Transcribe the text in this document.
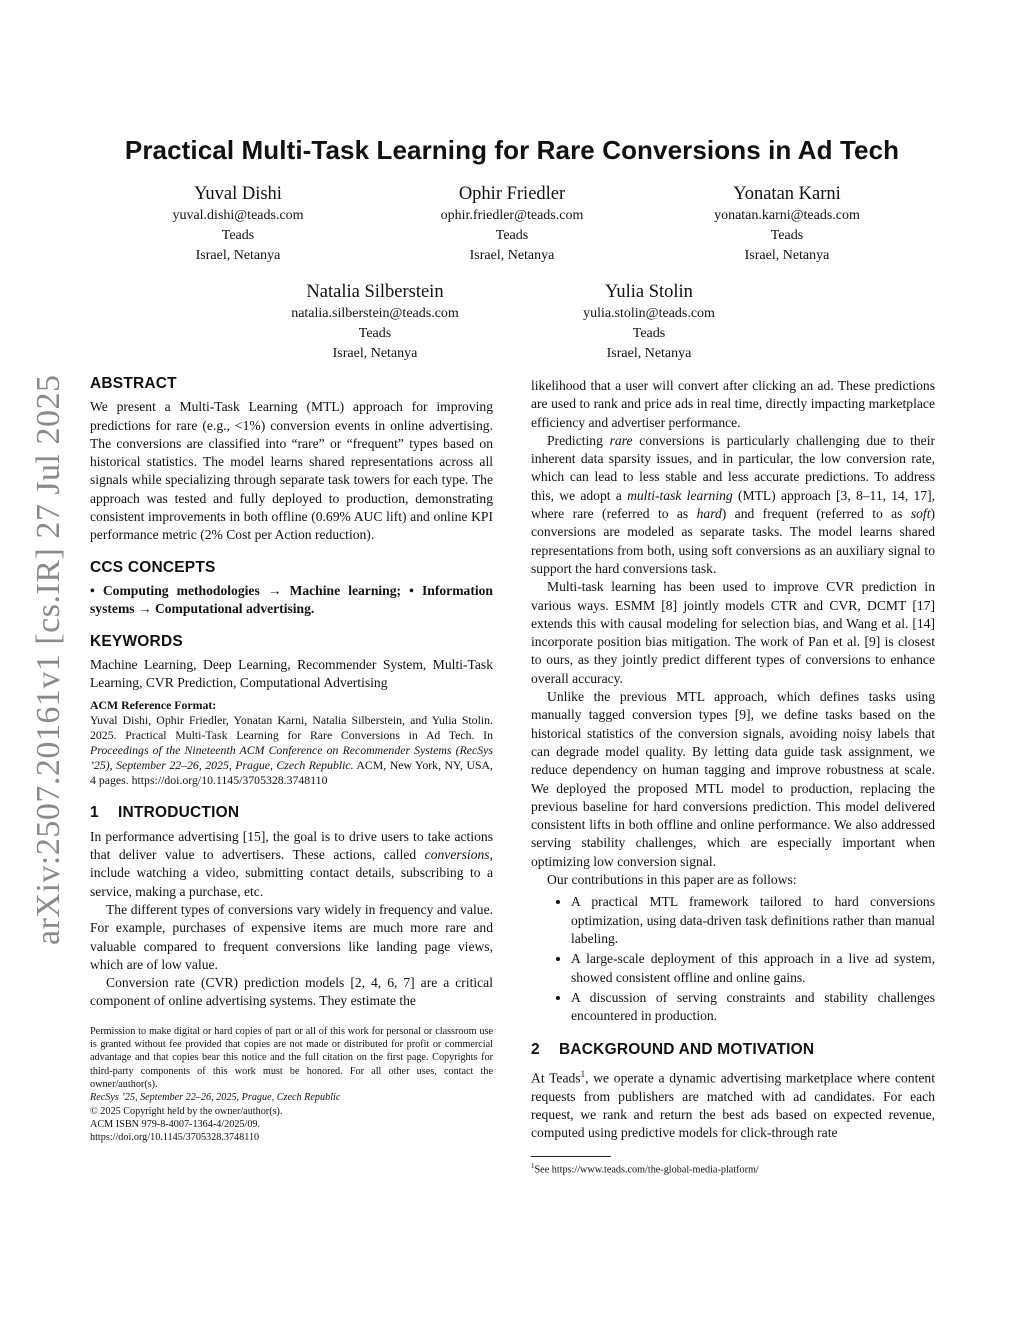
Practical Multi-Task Learning for Rare Conversions in Ad Tech
Yuval Dishi
yuval.dishi@teads.com
Teads
Israel, Netanya
Ophir Friedler
ophir.friedler@teads.com
Teads
Israel, Netanya
Yonatan Karni
yonatan.karni@teads.com
Teads
Israel, Netanya
Natalia Silberstein
natalia.silberstein@teads.com
Teads
Israel, Netanya
Yulia Stolin
yulia.stolin@teads.com
Teads
Israel, Netanya
arXiv:2507.20161v1 [cs.IR] 27 Jul 2025 ABSTRACT

We present a Multi-Task Learning (MTL) approach for improving predictions for rare (e.g., <1%) conversion events in online advertising. The conversions are classified into “rare” or “frequent” types based on historical statistics. The model learns shared representations across all signals while specializing through separate task towers for each type. The approach was tested and fully deployed to production, demonstrating consistent improvements in both offline (0.69% AUC lift) and online KPI performance metric (2% Cost per Action reduction).

CCS CONCEPTS

• Computing methodologies → Machine learning; • Information systems → Computational advertising.

KEYWORDS

Machine Learning, Deep Learning, Recommender System, Multi-Task Learning, CVR Prediction, Computational Advertising

ACM Reference Format:
Yuval Dishi, Ophir Friedler, Yonatan Karni, Natalia Silberstein, and Yulia Stolin. 2025. Practical Multi-Task Learning for Rare Conversions in Ad Tech. In Proceedings of the Nineteenth ACM Conference on Recommender Systems (RecSys ’25), September 22–26, 2025, Prague, Czech Republic. ACM, New York, NY, USA, 4 pages. https://doi.org/10.1145/3705328.3748110
1 INTRODUCTION

In performance advertising [15], the goal is to drive users to take actions that deliver value to advertisers. These actions, called conversions, include watching a video, submitting contact details, subscribing to a service, making a purchase, etc.

The different types of conversions vary widely in frequency and value. For example, purchases of expensive items are much more rare and valuable compared to frequent conversions like landing page views, which are of low value.

Conversion rate (CVR) prediction models [2, 4, 6, 7] are a critical component of online advertising systems. They estimate the

Permission to make digital or hard copies of part or all of this work for personal or classroom use is granted without fee provided that copies are not made or distributed for profit or commercial advantage and that copies bear this notice and the full citation on the first page. Copyrights for third-party components of this work must be honored. For all other uses, contact the owner/author(s).
RecSys ’25, September 22–26, 2025, Prague, Czech Republic
© 2025 Copyright held by the owner/author(s).
ACM ISBN 979-8-4007-1364-4/2025/09.
https://doi.org/10.1145/3705328.3748110

likelihood that a user will convert after clicking an ad. These predictions are used to rank and price ads in real time, directly impacting marketplace efficiency and advertiser performance.

Predicting rare conversions is particularly challenging due to their inherent data sparsity issues, and in particular, the low conversion rate, which can lead to less stable and less accurate predictions. To address this, we adopt a multi-task learning (MTL) approach [3, 8–11, 14, 17], where rare (referred to as hard) and frequent (referred to as soft) conversions are modeled as separate tasks. The model learns shared representations from both, using soft conversions as an auxiliary signal to support the hard conversions task.

Multi-task learning has been used to improve CVR prediction in various ways. ESMM [8] jointly models CTR and CVR, DCMT [17] extends this with causal modeling for selection bias, and Wang et al. [14] incorporate position bias mitigation. The work of Pan et al. [9] is closest to ours, as they jointly predict different types of conversions to enhance overall accuracy.

Unlike the previous MTL approach, which defines tasks using manually tagged conversion types [9], we define tasks based on the historical statistics of the conversion signals, avoiding noisy labels that can degrade model quality. By letting data guide task assignment, we reduce dependency on human tagging and improve robustness at scale. We deployed the proposed MTL model to production, replacing the previous baseline for hard conversions prediction. This model delivered consistent lifts in both offline and online performance. We also addressed serving stability challenges, which are especially important when optimizing low conversion signal.

Our contributions in this paper are as follows:

• A practical MTL framework tailored to hard conversions optimization, using data-driven task definitions rather than manual labeling.
• A large-scale deployment of this approach in a live ad system, showed consistent offline and online gains.
• A discussion of serving constraints and stability challenges encountered in production.
2 BACKGROUND AND MOTIVATION

At Teads$^1$, we operate a dynamic advertising marketplace where content requests from publishers are matched with ad candidates. For each request, we rank and return the best ads based on expected revenue, computed using predictive models for click-through rate

$^1$See https://www.teads.com/the-global-media-platform/
